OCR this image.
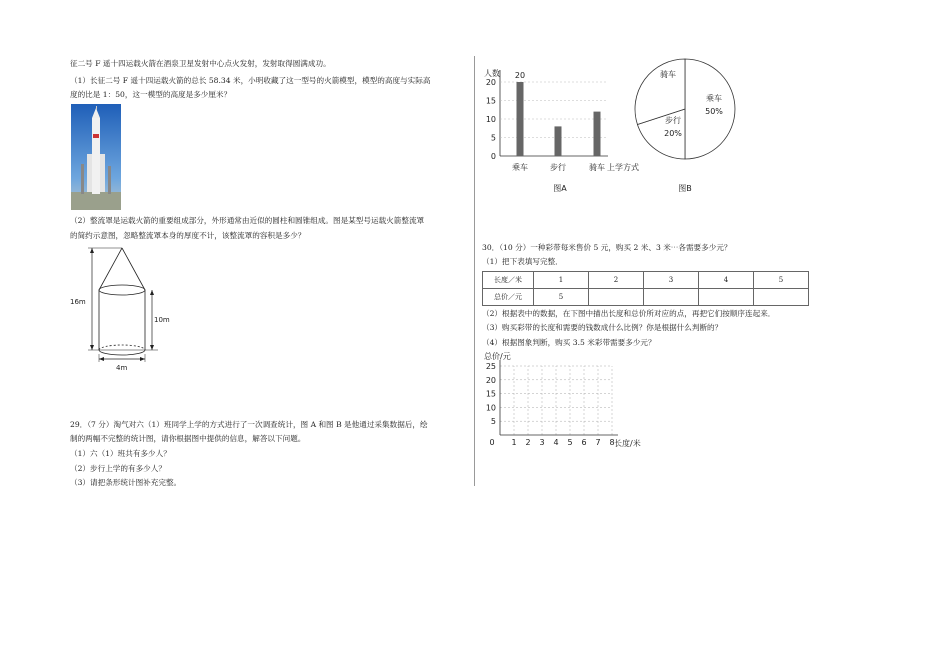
征二号 F 遥十四运载火箭在酒泉卫星发射中心点火发射，发射取得圆满成功。
（1）长征二号 F 遥十四运载火箭的总长 58.34 米，小明收藏了这一型号的火箭模型，模型的高度与实际高
度的比是 1：50，这一模型的高度是多少厘米？
（2）整流罩是运载火箭的重要组成部分，外形通常由近似的圆柱和圆锥组成。图是某型号运载火箭整流罩
的简约示意图，忽略整流罩本身的厚度不计，该整流罩的容积是多少？
16m
10m
4m
29．（7 分）淘气对六（1）班同学上学的方式进行了一次调查统计，图 A 和图 B 是他通过采集数据后，绘
制的两幅不完整的统计图，请你根据图中提供的信息，解答以下问题。
（1）六（1）班共有多少人？
（2）步行上学的有多少人？
（3）请把条形统计图补充完整。
0
5
10
15
20
人数
乘车
20
步行	骑车 上学方式
图A
乘车
50%
步行
20%
骑车
图B
30．（10 分）一种彩带每米售价 5 元，购买 2 米、3 米⋯各需要多少元？
（1）把下表填写完整．
长度／米	1	2	3	4	5
总价／元	5				
（2）根据表中的数据，在下图中描出长度和总价所对应的点，再把它们按顺序连起来．
（3）购买彩带的长度和需要的钱数成什么比例？你是根据什么判断的？
（4）根据图象判断，购买 3.5 米彩带需要多少元？
0 1 2 3 4 5 6 7 8
5
10
15
20
25
总价/元
长度/米
